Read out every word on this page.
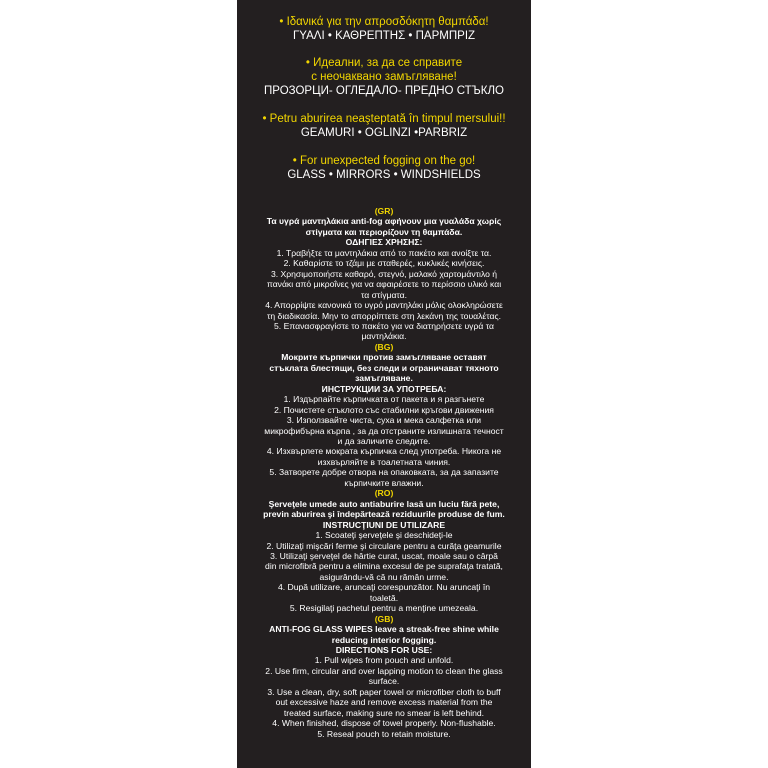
• Ιδανικά για την απροσδόκητη θαμπάδα!
ΓΥΑΛΙ • ΚΑΘΡΕΠΤΗΣ • ΠΑΡΜΠΡΙΖ
• Идеални, за да се справите
с неочаквано замъгляване!
ПРОЗОРЦИ- ОГЛЕДАЛО- ПРЕДНО СТЪКЛО
• Petru aburirea neaşteptată în timpul mersului!!
GEAMURI • OGLINZI •PARBRIZ
• For unexpected fogging on the go!
GLASS • MIRRORS • WINDSHIELDS
(GR)
Τα υγρά μαντηλάκια anti-fog αφήνουν μια γυαλάδα χωρίς
στίγματα και περιορίζουν τη θαμπάδα.
ΟΔΗΓΙΕΣ ΧΡΗΣΗΣ:
1. Τραβήξτε τα μαντηλάκια από το πακέτο και ανοίξτε τα.
2. Καθαρίστε το τζάμι με σταθερές, κυκλικές κινήσεις.
3. Χρησιμοποιήστε καθαρό, στεγνό, μαλακό χαρτομάντιλο ή
πανάκι από μικροΐνες για να αφαιρέσετε το περίσσιο υλικό και
τα στίγματα.
4. Απορρίψτε κανονικά το υγρό μαντηλάκι μόλις ολοκληρώσετε
τη διαδικασία. Μην το απορρίπτετε στη λεκάνη της τουαλέτας.
5. Επανασφραγίστε το πακέτο για να διατηρήσετε υγρά τα
μαντηλάκια.
(BG)
Мокрите кърпички против замъгляване оставят
стъклата блестящи, без следи и ограничават тяхното
замъгляване.
ИНСТРУКЦИИ ЗА УПОТРЕБА:
1. Издърпайте кърпичката от пакета и я разгънете
2. Почистете стъклото със стабилни кръгови движения
3. Използвайте чиста, суха и мека салфетка или
микрофибърна кърпа , за да отстраните излишната течност
и да заличите следите.
4. Изхвърлете мократа кърпичка след употреба. Никога не
изхвърляйте в тоалетната чиния.
5. Затворете добре отвора на опаковката, за да запазите
кърпичките влажни.
(RO)
Şerveţele umede auto antiaburire lasă un luciu fără pete,
previn aburirea şi îndepărtează reziduurile produse de fum.
INSTRUCŢIUNI DE UTILIZARE
1. Scoateţi şerveţele şi deschideţi-le
2. Utilizaţi mişcări ferme şi circulare pentru a curăţa geamurile
3. Utilizaţi şerveţel de hârtie curat, uscat, moale sau o cârpă
din microfibră pentru a elimina excesul de pe suprafaţa tratată,
asigurându-vă că nu rămân urme.
4. După utilizare, aruncaţi corespunzător. Nu aruncaţi în
toaletă.
5. Resigilaţi pachetul pentru a menţine umezeala.
(GB)
ANTI-FOG GLASS WIPES leave a streak-free shine while
reducing interior fogging.
DIRECTIONS FOR USE:
1. Pull wipes from pouch and unfold.
2. Use firm, circular and over lapping motion to clean the glass
surface.
3. Use a clean, dry, soft paper towel or microfiber cloth to buff
out excessive haze and remove excess material from the
treated surface, making sure no smear is left behind.
4. When finished, dispose of towel properly. Non-flushable.
5. Reseal pouch to retain moisture.
